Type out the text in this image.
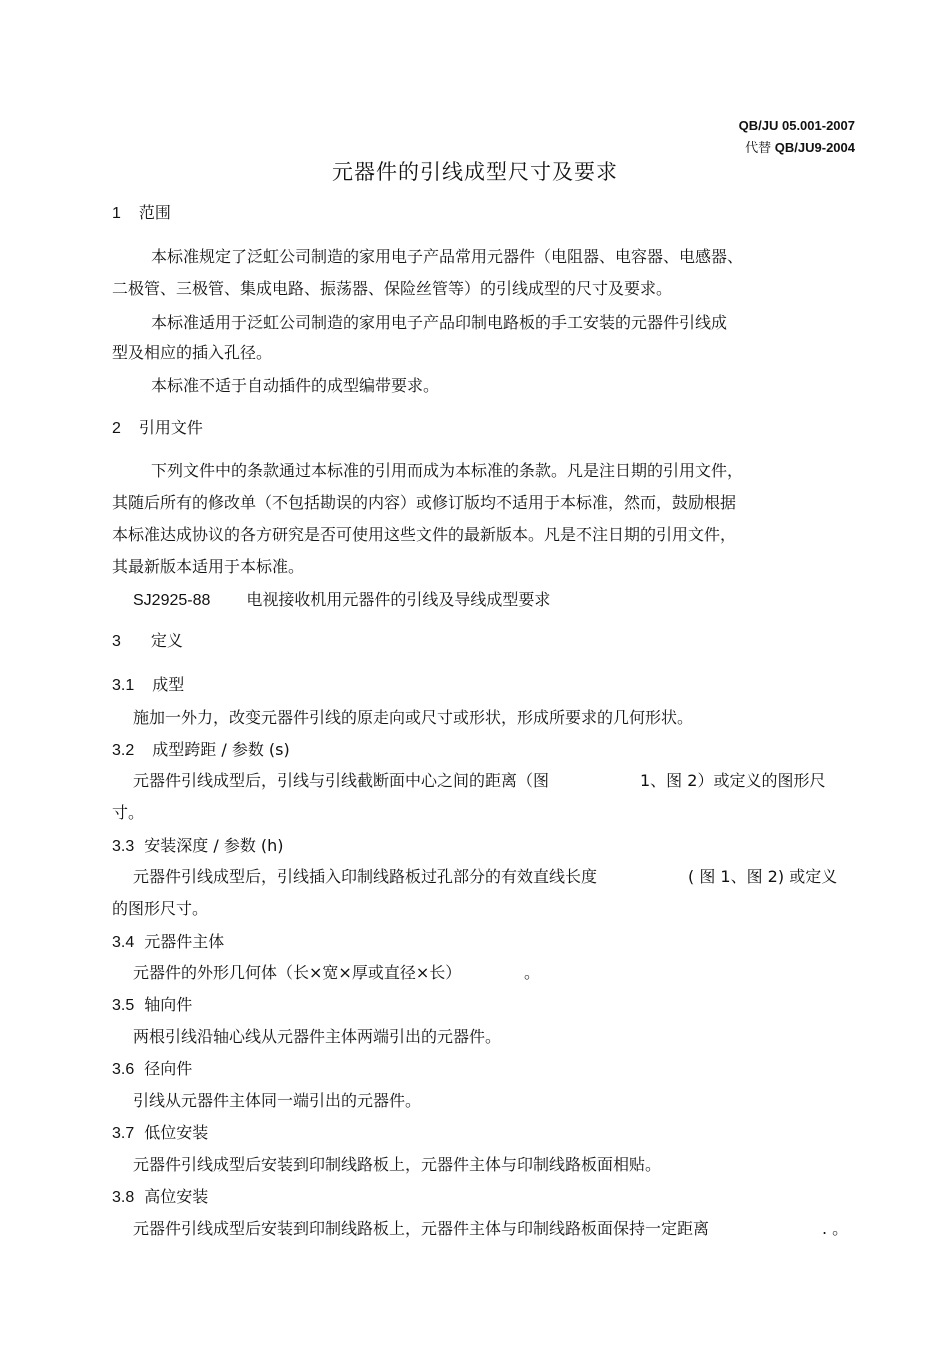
QB/JU 05.001-2007
代替 QB/JU9-2004
元器件的引线成型尺寸及要求
1 范围
本标准规定了泛虹公司制造的家用电子产品常用元器件（电阻器、电容器、电感器、
二极管、三极管、集成电路、振荡器、保险丝管等）的引线成型的尺寸及要求。
本标准适用于泛虹公司制造的家用电子产品印制电路板的手工安装的元器件引线成
型及相应的插入孔径。
本标准不适于自动插件的成型编带要求。
2 引用文件
下列文件中的条款通过本标准的引用而成为本标准的条款。凡是注日期的引用文件，
其随后所有的修改单（不包括勘误的内容）或修订版均不适用于本标准，然而，鼓励根据
本标准达成协议的各方研究是否可使用这些文件的最新版本。凡是不注日期的引用文件，
其最新版本适用于本标准。
SJ2925-88 电视接收机用元器件的引线及导线成型要求
3 定义
3.1 成型
施加一外力，改变元器件引线的原走向或尺寸或形状，形成所要求的几何形状。
3.2 成型跨距 / 参数 (s)
元器件引线成型后，引线与引线截断面中心之间的距离（图	1、图 2）或定义的图形尺
寸。
3.3 安装深度 / 参数 (h)
元器件引线成型后，引线插入印制线路板过孔部分的有效直线长度	( 图 1、图 2) 或定义
的图形尺寸。
3.4 元器件主体
元器件的外形几何体（长×宽×厚或直径×长）	。
3.5 轴向件
两根引线沿轴心线从元器件主体两端引出的元器件。
3.6 径向件
引线从元器件主体同一端引出的元器件。
3.7 低位安装
元器件引线成型后安装到印制线路板上，元器件主体与印制线路板面相贴。
3.8 高位安装
元器件引线成型后安装到印制线路板上，元器件主体与印制线路板面保持一定距离	. 。
